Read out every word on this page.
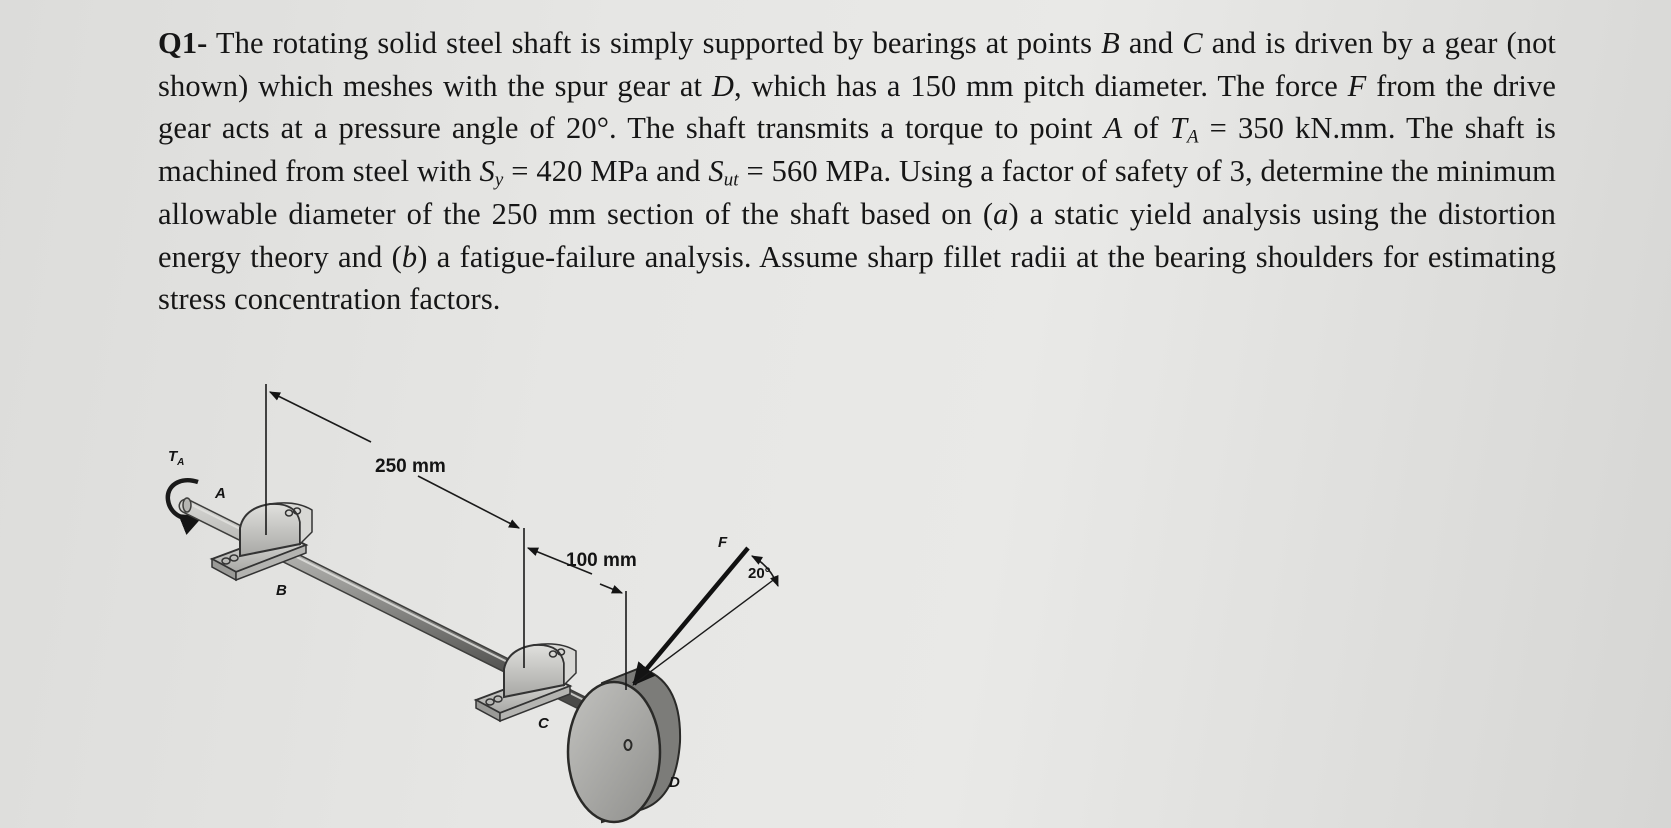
Q1- The rotating solid steel shaft is simply supported by bearings at points B and C and is driven by a gear (not shown) which meshes with the spur gear at D, which has a 150 mm pitch diameter. The force F from the drive gear acts at a pressure angle of 20°. The shaft transmits a torque to point A of $T_A = 350$ kN.mm. The shaft is machined from steel with $S_y = 420$ MPa and $S_{ut} = 560$ MPa. Using a factor of safety of 3, determine the minimum allowable diameter of the 250 mm section of the shaft based on (a) a static yield analysis using the distortion energy theory and (b) a fatigue-failure analysis. Assume sharp fillet radii at the bearing shoulders for estimating stress concentration factors.

$T_A$
A
B
C
D
250 mm
100 mm
F
20°
